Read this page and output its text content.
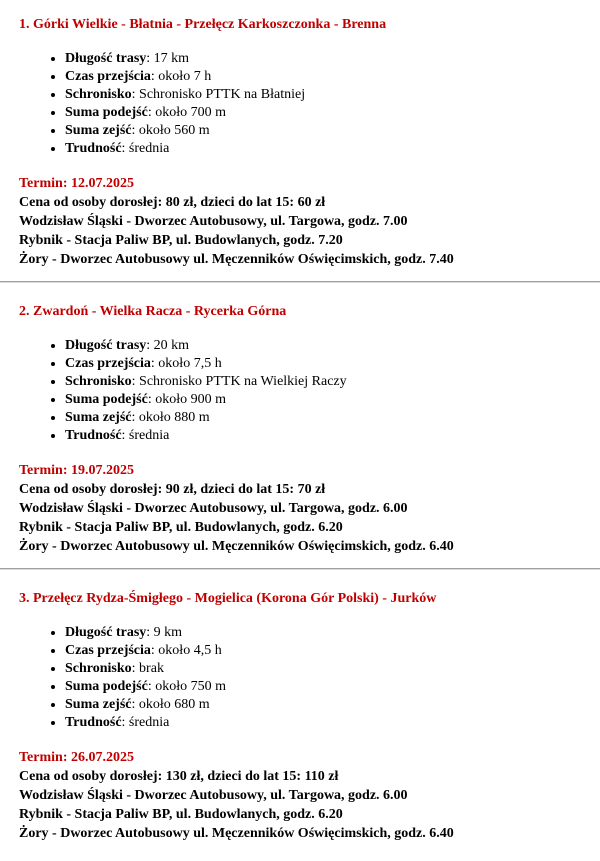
1. Górki Wielkie - Błatnia - Przełęcz Karkoszczonka - Brenna
• Długość trasy: 17 km
• Czas przejścia: około 7 h
• Schronisko: Schronisko PTTK na Błatniej
• Suma podejść: około 700 m
• Suma zejść: około 560 m
• Trudność: średnia
Termin: 12.07.2025
Cena od osoby dorosłej: 80 zł, dzieci do lat 15: 60 zł
Wodzisław Śląski - Dworzec Autobusowy, ul. Targowa, godz. 7.00
Rybnik - Stacja Paliw BP, ul. Budowlanych, godz. 7.20
Żory - Dworzec Autobusowy ul. Męczenników Oświęcimskich, godz. 7.40
2. Zwardoń - Wielka Racza - Rycerka Górna
• Długość trasy: 20 km
• Czas przejścia: około 7,5 h
• Schronisko: Schronisko PTTK na Wielkiej Raczy
• Suma podejść: około 900 m
• Suma zejść: około 880 m
• Trudność: średnia
Termin: 19.07.2025
Cena od osoby dorosłej: 90 zł, dzieci do lat 15: 70 zł
Wodzisław Śląski - Dworzec Autobusowy, ul. Targowa, godz. 6.00
Rybnik - Stacja Paliw BP, ul. Budowlanych, godz. 6.20
Żory - Dworzec Autobusowy ul. Męczenników Oświęcimskich, godz. 6.40
3. Przełęcz Rydza-Śmigłego - Mogielica (Korona Gór Polski) - Jurków
• Długość trasy: 9 km
• Czas przejścia: około 4,5 h
• Schronisko: brak
• Suma podejść: około 750 m
• Suma zejść: około 680 m
• Trudność: średnia
Termin: 26.07.2025
Cena od osoby dorosłej: 130 zł, dzieci do lat 15: 110 zł
Wodzisław Śląski - Dworzec Autobusowy, ul. Targowa, godz. 6.00
Rybnik - Stacja Paliw BP, ul. Budowlanych, godz. 6.20
Żory - Dworzec Autobusowy ul. Męczenników Oświęcimskich, godz. 6.40
